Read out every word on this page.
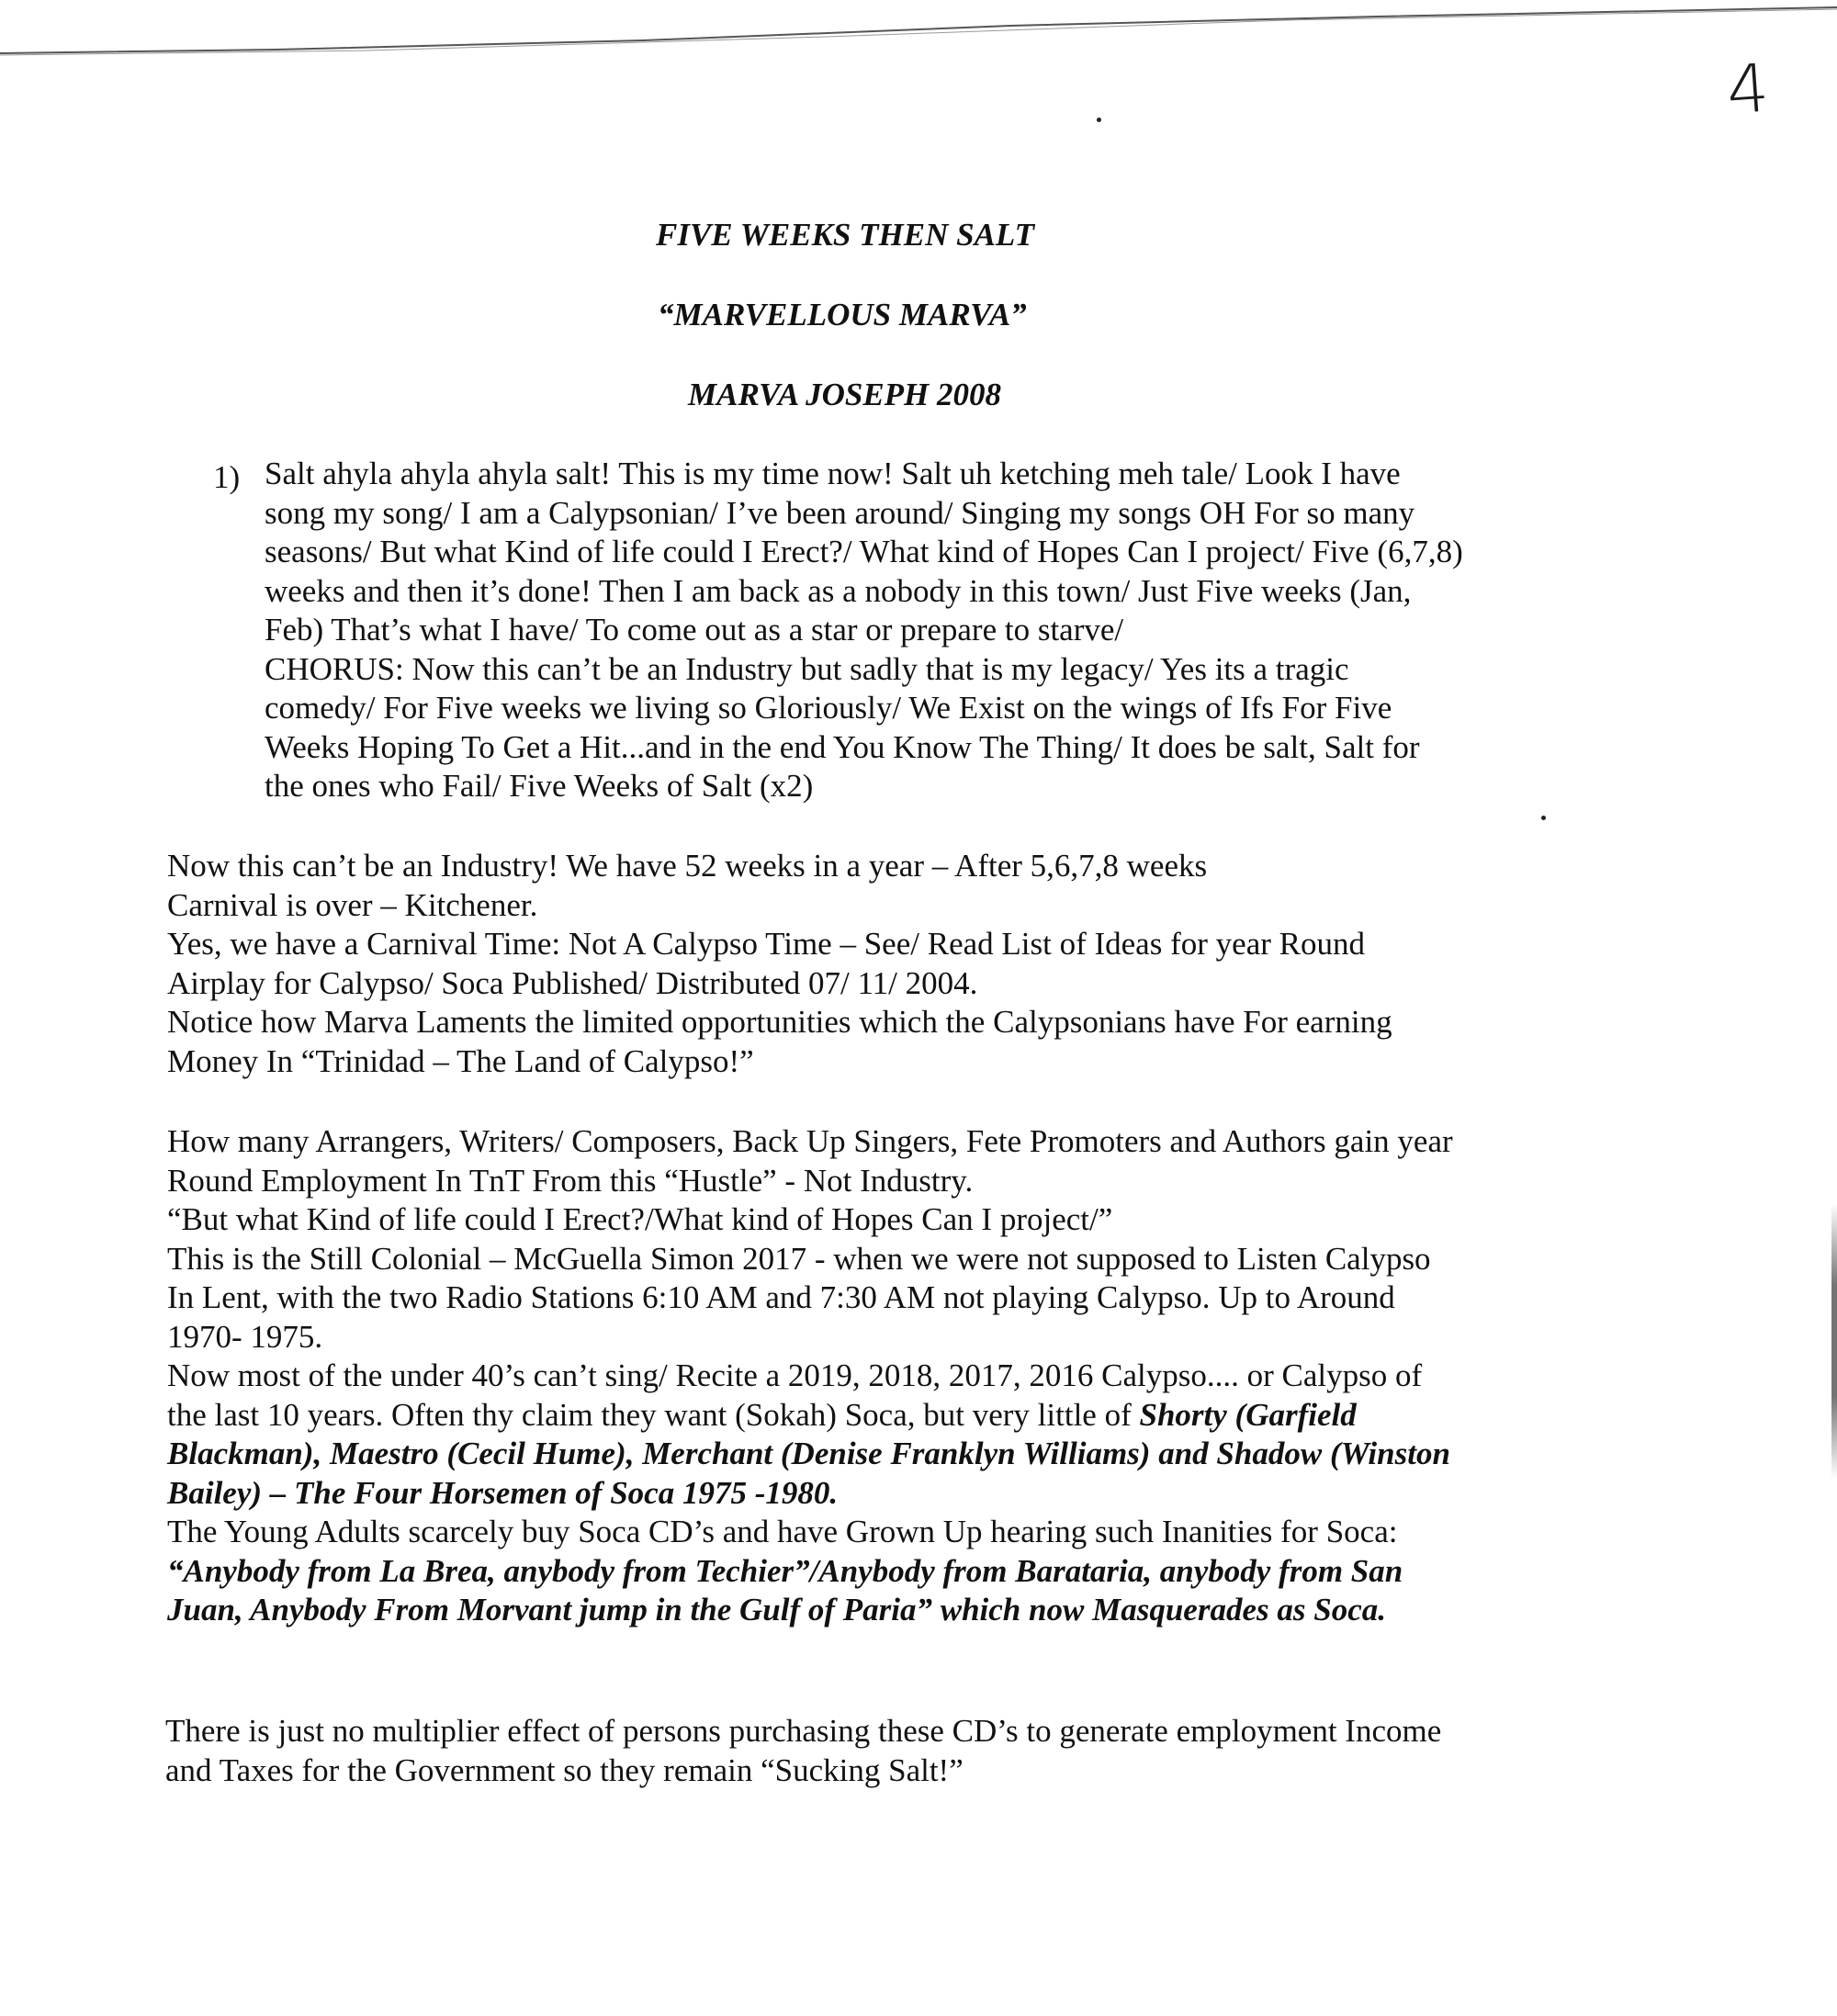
4
FIVE WEEKS THEN SALT
“MARVELLOUS MARVA”
MARVA JOSEPH 2008
1) Salt ahyla ahyla ahyla salt! This is my time now! Salt uh ketching meh tale/ Look I have
song my song/ I am a Calypsonian/ I’ve been around/ Singing my songs OH For so many
seasons/ But what Kind of life could I Erect?/ What kind of Hopes Can I project/ Five (6,7,8)
weeks and then it’s done! Then I am back as a nobody in this town/ Just Five weeks (Jan,
Feb) That’s what I have/ To come out as a star or prepare to starve/
CHORUS: Now this can’t be an Industry but sadly that is my legacy/ Yes its a tragic
comedy/ For Five weeks we living so Gloriously/ We Exist on the wings of Ifs For Five
Weeks Hoping To Get a Hit...and in the end You Know The Thing/ It does be salt, Salt for
the ones who Fail/ Five Weeks of Salt (x2)
Now this can’t be an Industry! We have 52 weeks in a year – After 5,6,7,8 weeks
Carnival is over – Kitchener.
Yes, we have a Carnival Time: Not A Calypso Time – See/ Read List of Ideas for year Round
Airplay for Calypso/ Soca Published/ Distributed 07/ 11/ 2004.
Notice how Marva Laments the limited opportunities which the Calypsonians have For earning
Money In “Trinidad – The Land of Calypso!”
How many Arrangers, Writers/ Composers, Back Up Singers, Fete Promoters and Authors gain year
Round Employment In TnT From this “Hustle” - Not Industry.
“But what Kind of life could I Erect?/What kind of Hopes Can I project/”
This is the Still Colonial – McGuella Simon 2017 - when we were not supposed to Listen Calypso
In Lent, with the two Radio Stations 6:10 AM and 7:30 AM not playing Calypso. Up to Around
1970- 1975.
Now most of the under 40’s can’t sing/ Recite a 2019, 2018, 2017, 2016 Calypso.... or Calypso of
the last 10 years. Often thy claim they want (Sokah) Soca, but very little of Shorty (Garfield
Blackman), Maestro (Cecil Hume), Merchant (Denise Franklyn Williams) and Shadow (Winston
Bailey) – The Four Horsemen of Soca 1975 -1980.
The Young Adults scarcely buy Soca CD’s and have Grown Up hearing such Inanities for Soca:
“Anybody from La Brea, anybody from Techier”/Anybody from Barataria, anybody from San
Juan, Anybody From Morvant jump in the Gulf of Paria” which now Masquerades as Soca.
There is just no multiplier effect of persons purchasing these CD’s to generate employment Income
and Taxes for the Government so they remain “Sucking Salt!”
